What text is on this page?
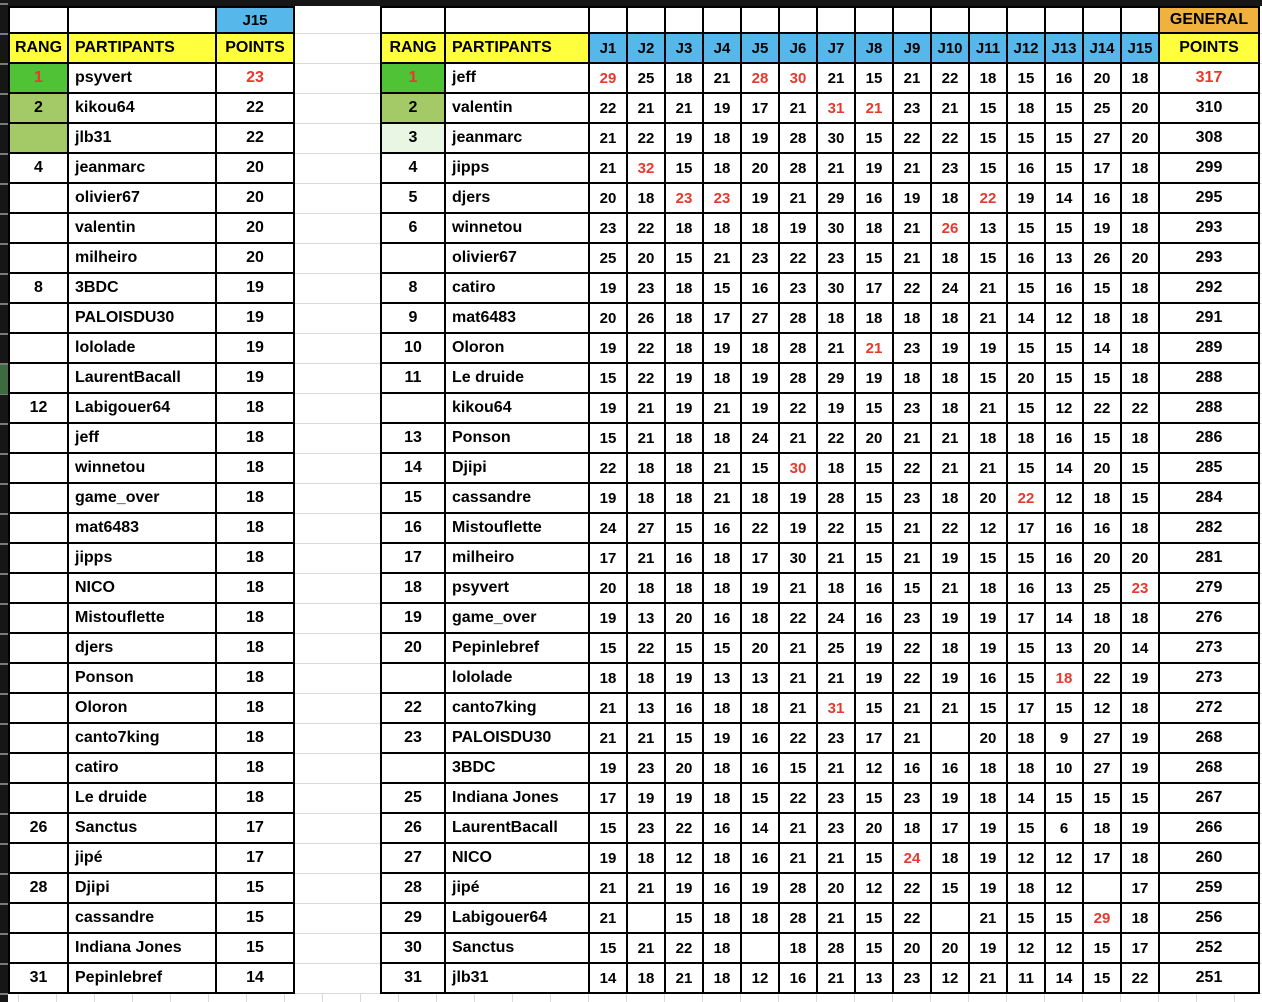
		J15
RANG	PARTIPANTS	POINTS
1	psyvert	23
2	kikou64	22
	jlb31	22
4	jeanmarc	20
	olivier67	20
	valentin	20
	milheiro	20
8	3BDC	19
	PALOISDU30	19
	lololade	19
	LaurentBacall	19
12	Labigouer64	18
	jeff	18
	winnetou	18
	game_over	18
	mat6483	18
	jipps	18
	NICO	18
	Mistouflette	18
	djers	18
	Ponson	18
	Oloron	18
	canto7king	18
	catiro	18
	Le druide	18
26	Sanctus	17
	jipé	17
28	Djipi	15
	cassandre	15
	Indiana Jones	15
31	Pepinlebref	14
																	GENERAL
RANG	PARTIPANTS	J1	J2	J3	J4	J5	J6	J7	J8	J9	J10	J11	J12	J13	J14	J15	POINTS
1	jeff	29	25	18	21	28	30	21	15	21	22	18	15	16	20	18	317
2	valentin	22	21	21	19	17	21	31	21	23	21	15	18	15	25	20	310
3	jeanmarc	21	22	19	18	19	28	30	15	22	22	15	15	15	27	20	308
4	jipps	21	32	15	18	20	28	21	19	21	23	15	16	15	17	18	299
5	djers	20	18	23	23	19	21	29	16	19	18	22	19	14	16	18	295
6	winnetou	23	22	18	18	18	19	30	18	21	26	13	15	15	19	18	293
	olivier67	25	20	15	21	23	22	23	15	21	18	15	16	13	26	20	293
8	catiro	19	23	18	15	16	23	30	17	22	24	21	15	16	15	18	292
9	mat6483	20	26	18	17	27	28	18	18	18	18	21	14	12	18	18	291
10	Oloron	19	22	18	19	18	28	21	21	23	19	19	15	15	14	18	289
11	Le druide	15	22	19	18	19	28	29	19	18	18	15	20	15	15	18	288
	kikou64	19	21	19	21	19	22	19	15	23	18	21	15	12	22	22	288
13	Ponson	15	21	18	18	24	21	22	20	21	21	18	18	16	15	18	286
14	Djipi	22	18	18	21	15	30	18	15	22	21	21	15	14	20	15	285
15	cassandre	19	18	18	21	18	19	28	15	23	18	20	22	12	18	15	284
16	Mistouflette	24	27	15	16	22	19	22	15	21	22	12	17	16	16	18	282
17	milheiro	17	21	16	18	17	30	21	15	21	19	15	15	16	20	20	281
18	psyvert	20	18	18	18	19	21	18	16	15	21	18	16	13	25	23	279
19	game_over	19	13	20	16	18	22	24	16	23	19	19	17	14	18	18	276
20	Pepinlebref	15	22	15	15	20	21	25	19	22	18	19	15	13	20	14	273
	lololade	18	18	19	13	13	21	21	19	22	19	16	15	18	22	19	273
22	canto7king	21	13	16	18	18	21	31	15	21	21	15	17	15	12	18	272
23	PALOISDU30	21	21	15	19	16	22	23	17	21		20	18	9	27	19	268
	3BDC	19	23	20	18	16	15	21	12	16	16	18	18	10	27	19	268
25	Indiana Jones	17	19	19	18	15	22	23	15	23	19	18	14	15	15	15	267
26	LaurentBacall	15	23	22	16	14	21	23	20	18	17	19	15	6	18	19	266
27	NICO	19	18	12	18	16	21	21	15	24	18	19	12	12	17	18	260
28	jipé	21	21	19	16	19	28	20	12	22	15	19	18	12		17	259
29	Labigouer64	21		15	18	18	28	21	15	22		21	15	15	29	18	256
30	Sanctus	15	21	22	18		18	28	15	20	20	19	12	12	15	17	252
31	jlb31	14	18	21	18	12	16	21	13	23	12	21	11	14	15	22	251
